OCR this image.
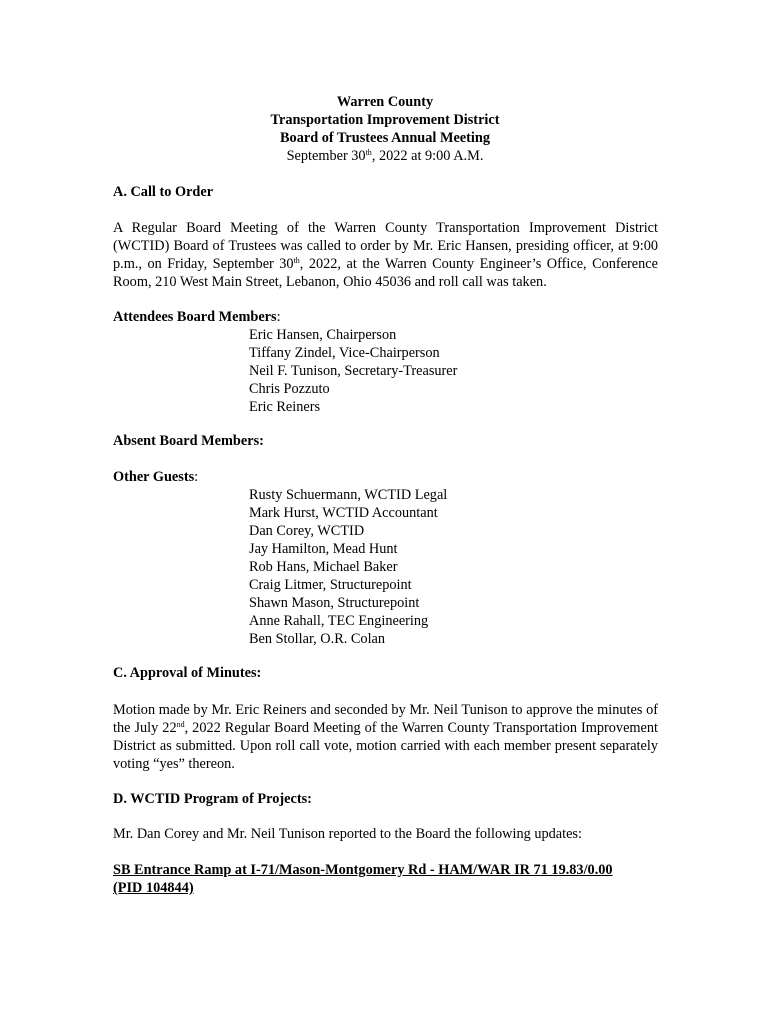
Warren County
Transportation Improvement District
Board of Trustees Annual Meeting
September 30th, 2022 at 9:00 A.M.
A. Call to Order
A Regular Board Meeting of the Warren County Transportation Improvement District (WCTID) Board of Trustees was called to order by Mr. Eric Hansen, presiding officer, at 9:00 p.m., on Friday, September 30th, 2022, at the Warren County Engineer’s Office, Conference Room, 210 West Main Street, Lebanon, Ohio 45036 and roll call was taken.
Attendees Board Members:
Eric Hansen, Chairperson
Tiffany Zindel, Vice-Chairperson
Neil F. Tunison, Secretary-Treasurer
Chris Pozzuto
Eric Reiners
Absent Board Members:
Other Guests:
Rusty Schuermann, WCTID Legal
Mark Hurst, WCTID Accountant
Dan Corey, WCTID
Jay Hamilton, Mead Hunt
Rob Hans, Michael Baker
Craig Litmer, Structurepoint
Shawn Mason, Structurepoint
Anne Rahall, TEC Engineering
Ben Stollar, O.R. Colan
C. Approval of Minutes:
Motion made by Mr. Eric Reiners and seconded by Mr. Neil Tunison to approve the minutes of the July 22nd, 2022 Regular Board Meeting of the Warren County Transportation Improvement District as submitted. Upon roll call vote, motion carried with each member present separately voting “yes” thereon.
D. WCTID Program of Projects:
Mr. Dan Corey and Mr. Neil Tunison reported to the Board the following updates:
SB Entrance Ramp at I-71/Mason-Montgomery Rd - HAM/WAR IR 71 19.83/0.00
(PID 104844)
